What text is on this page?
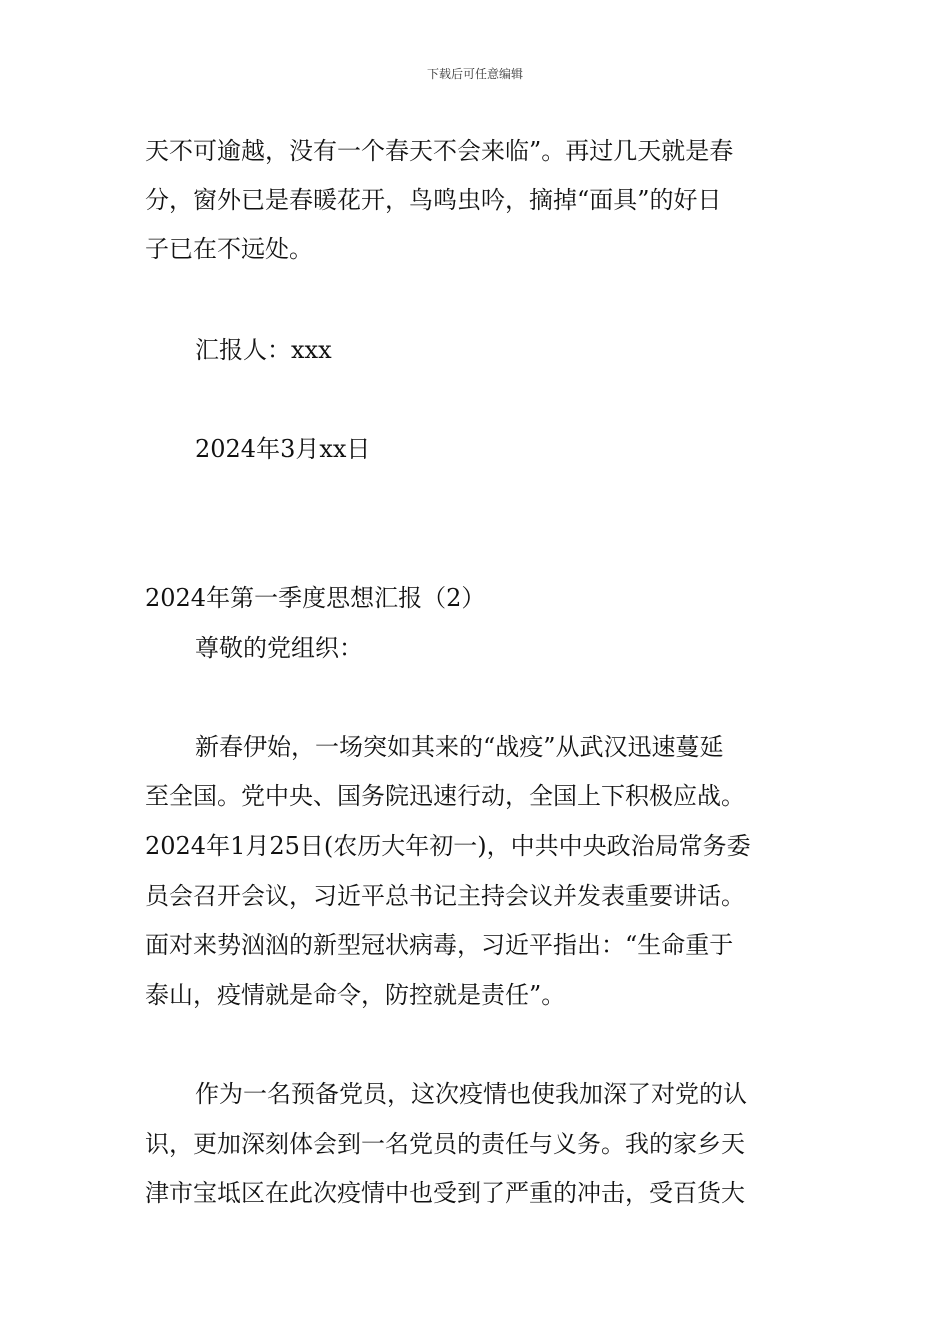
下载后可任意编辑
天不可逾越，没有一个春天不会来临”。再过几天就是春
分，窗外已是春暖花开，鸟鸣虫吟，摘掉“面具”的好日
子已在不远处。
汇报人：xxx
2024年3月xx日
2024年第一季度思想汇报（2）
尊敬的党组织：
新春伊始，一场突如其来的“战疫”从武汉迅速蔓延
至全国。党中央、国务院迅速行动，全国上下积极应战。
2024年1月25日(农历大年初一)，中共中央政治局常务委
员会召开会议，习近平总书记主持会议并发表重要讲话。
面对来势汹汹的新型冠状病毒，习近平指出：“生命重于
泰山，疫情就是命令，防控就是责任”。
作为一名预备党员，这次疫情也使我加深了对党的认
识，更加深刻体会到一名党员的责任与义务。我的家乡天
津市宝坻区在此次疫情中也受到了严重的冲击，受百货大
